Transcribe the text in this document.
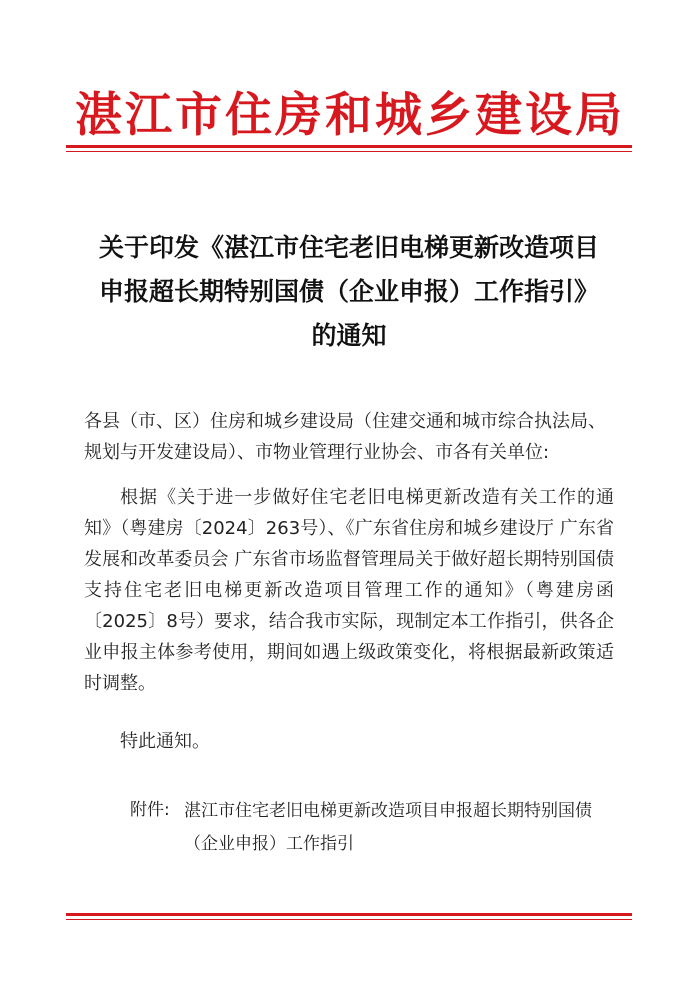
湛江市住房和城乡建设局
关于印发《湛江市住宅老旧电梯更新改造项目
申报超长期特别国债（企业申报）工作指引》
的通知
各县（市、区）住房和城乡建设局（住建交通和城市综合执法局、规划与开发建设局）、市物业管理行业协会、市各有关单位:
根据《关于进一步做好住宅老旧电梯更新改造有关工作的通知》（粤建房〔2024〕263号）、《广东省住房和城乡建设厅 广东省发展和改革委员会 广东省市场监督管理局关于做好超长期特别国债支持住宅老旧电梯更新改造项目管理工作的通知》（粤建房函〔2025〕8号）要求，结合我市实际，现制定本工作指引，供各企业申报主体参考使用，期间如遇上级政策变化，将根据最新政策适时调整。
特此通知。
附件: 湛江市住宅老旧电梯更新改造项目申报超长期特别国债（企业申报）工作指引
